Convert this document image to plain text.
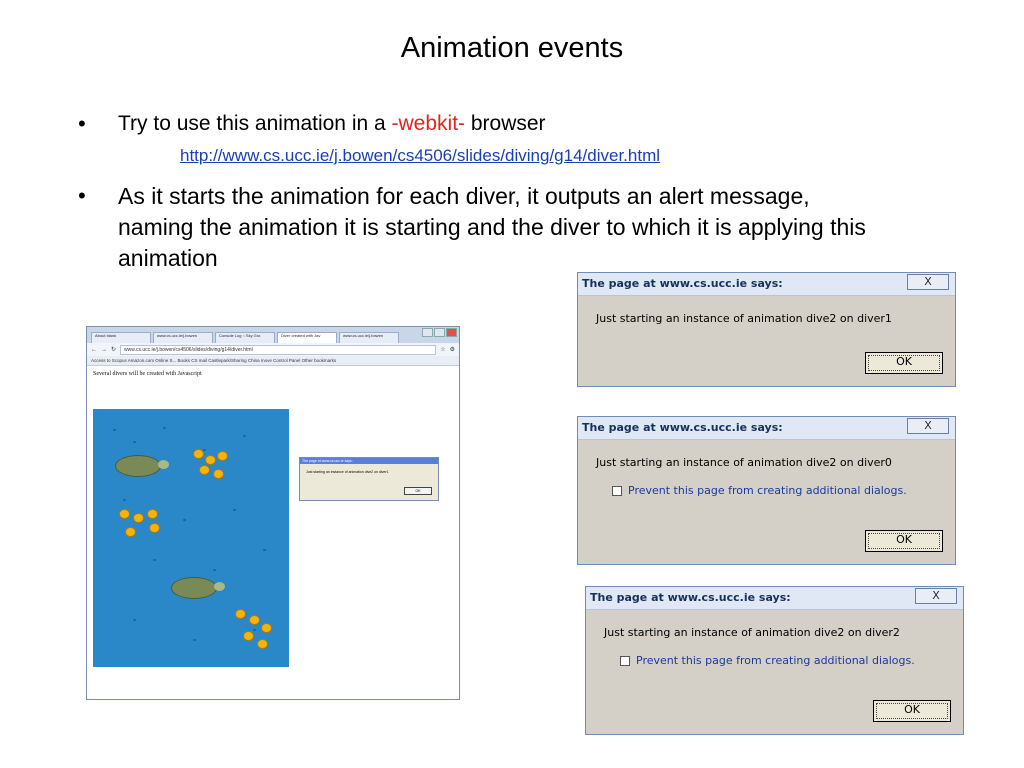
Animation events
•	Try to use this animation in a -webkit- browser
http://www.cs.ucc.ie/j.bowen/cs4506/slides/diving/g14/diver.html
•	As it starts the animation for each diver, it outputs an alert message, naming the animation it is starting and the diver to which it is applying this animation
About blank	www.cs.ucc.ie/j.bowen	Console Log :: Sky Gro	Diver created with Jav	www.cs.ucc.ie/j.bowen
← → ↻	www.cs.ucc.ie/j.bowen/cs4506/slides/diving/g14/diver.html	☆ ⚙
Access to Scopus Amazon.com Online S... Books CS mail Castlepark/Sharing China move Control Panel Other bookmarks
Several divers will be created with Javascript
The page at www.cs.ucc.ie says:
Just starting an instance of animation dive2 on diver1
OK
The page at www.cs.ucc.ie says:	X
Just starting an instance of animation dive2 on diver1
OK
The page at www.cs.ucc.ie says:	X
Just starting an instance of animation dive2 on diver0
Prevent this page from creating additional dialogs.
OK
The page at www.cs.ucc.ie says:	X
Just starting an instance of animation dive2 on diver2
Prevent this page from creating additional dialogs.
OK
